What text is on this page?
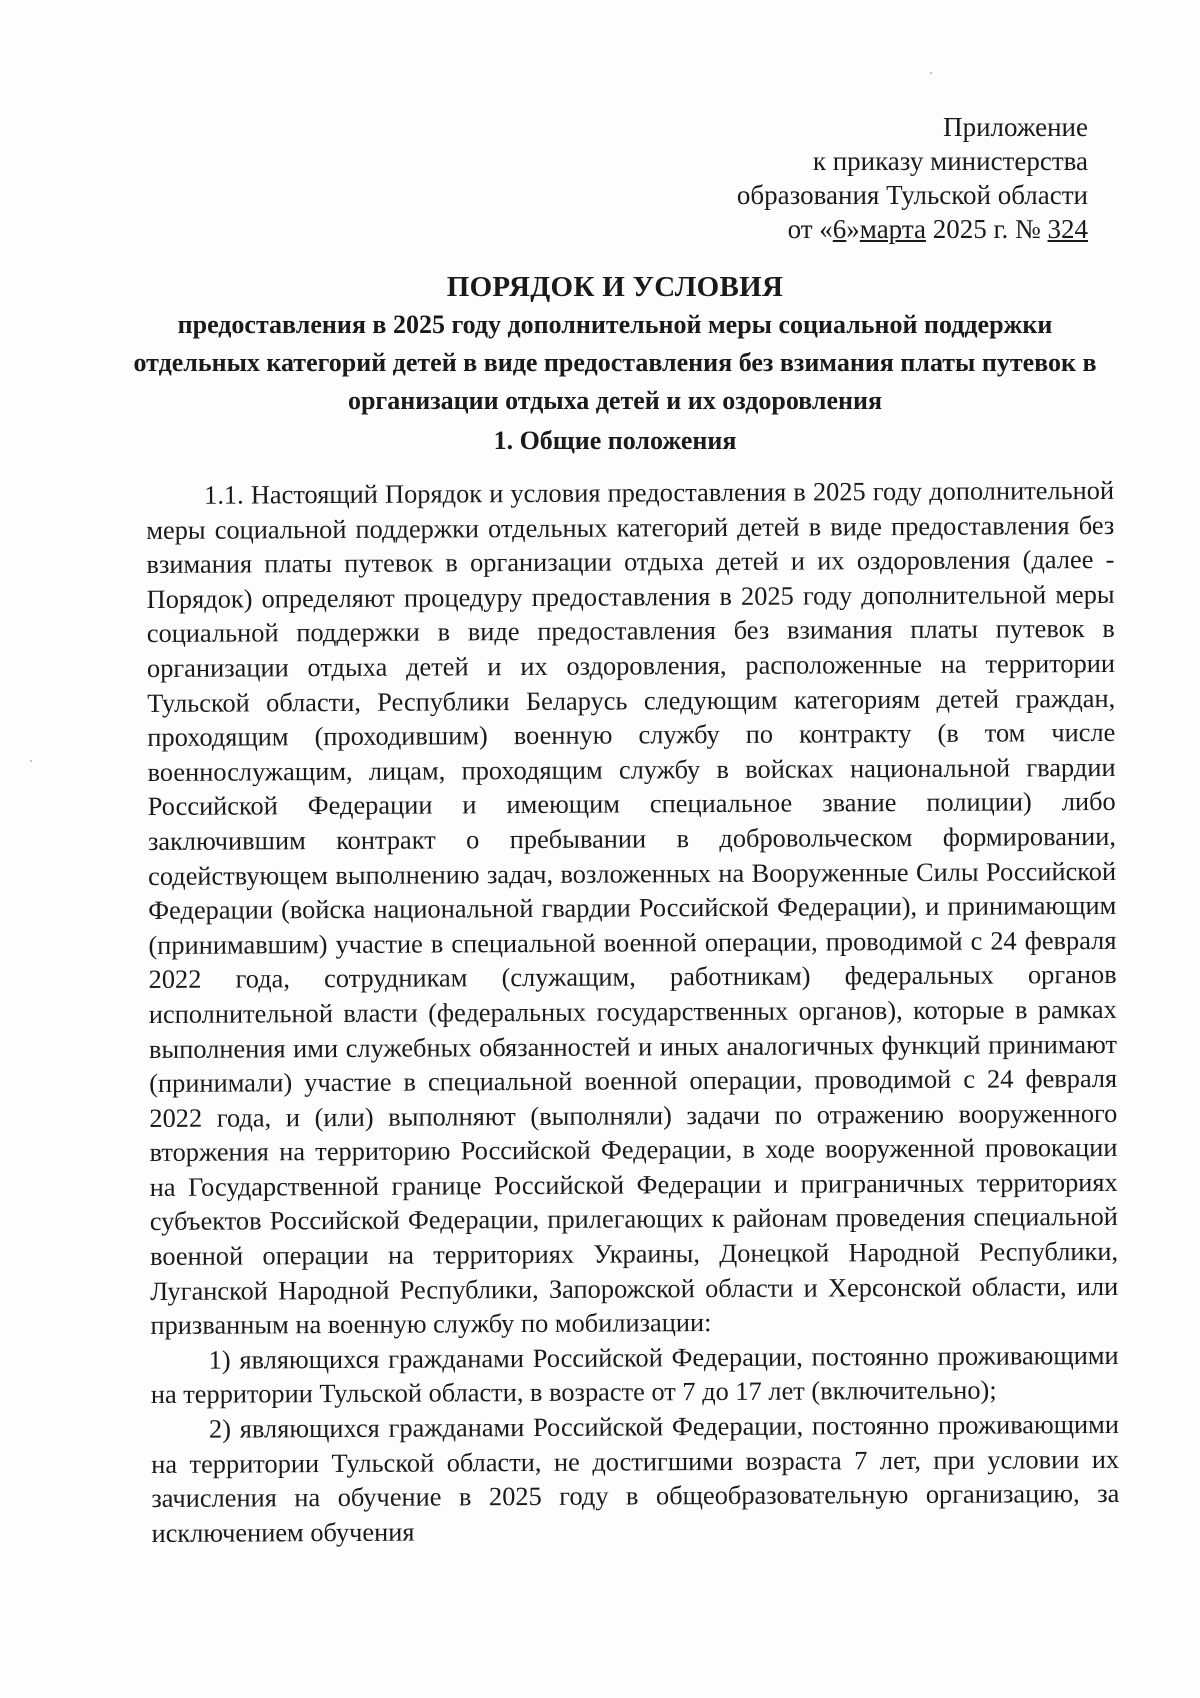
Приложение
к приказу министерства
образования Тульской области
от «6»марта 2025 г. № 324
ПОРЯДОК И УСЛОВИЯ
предоставления в 2025 году дополнительной меры социальной поддержки отдельных категорий детей в виде предоставления без взимания платы путевок в организации отдыха детей и их оздоровления
1. Общие положения

1.1. Настоящий Порядок и условия предоставления в 2025 году дополнительной меры социальной поддержки отдельных категорий детей в виде предоставления без взимания платы путевок в организации отдыха детей и их оздоровления (далее - Порядок) определяют процедуру предоставления в 2025 году дополнительной меры социальной поддержки в виде предоставления без взимания платы путевок в организации отдыха детей и их оздоровления, расположенные на территории Тульской области, Республики Беларусь следующим категориям детей граждан, проходящим (проходившим) военную службу по контракту (в том числе военнослужащим, лицам, проходящим службу в войсках национальной гвардии Российской Федерации и имеющим специальное звание полиции) либо заключившим контракт о пребывании в добровольческом формировании, содействующем выполнению задач, возложенных на Вооруженные Силы Российской Федерации (войска национальной гвардии Российской Федерации), и принимающим (принимавшим) участие в специальной военной операции, проводимой с 24 февраля 2022 года, сотрудникам (служащим, работникам) федеральных органов исполнительной власти (федеральных государственных органов), которые в рамках выполнения ими служебных обязанностей и иных аналогичных функций принимают (принимали) участие в специальной военной операции, проводимой с 24 февраля 2022 года, и (или) выполняют (выполняли) задачи по отражению вооруженного вторжения на территорию Российской Федерации, в ходе вооруженной провокации на Государственной границе Российской Федерации и приграничных территориях субъектов Российской Федерации, прилегающих к районам проведения специальной военной операции на территориях Украины, Донецкой Народной Республики, Луганской Народной Республики, Запорожской области и Херсонской области, или призванным на военную службу по мобилизации:

1) являющихся гражданами Российской Федерации, постоянно проживающими на территории Тульской области, в возрасте от 7 до 17 лет (включительно);

2) являющихся гражданами Российской Федерации, постоянно проживающими на территории Тульской области, не достигшими возраста 7 лет, при условии их зачисления на обучение в 2025 году в общеобразовательную организацию, за исключением обучения
